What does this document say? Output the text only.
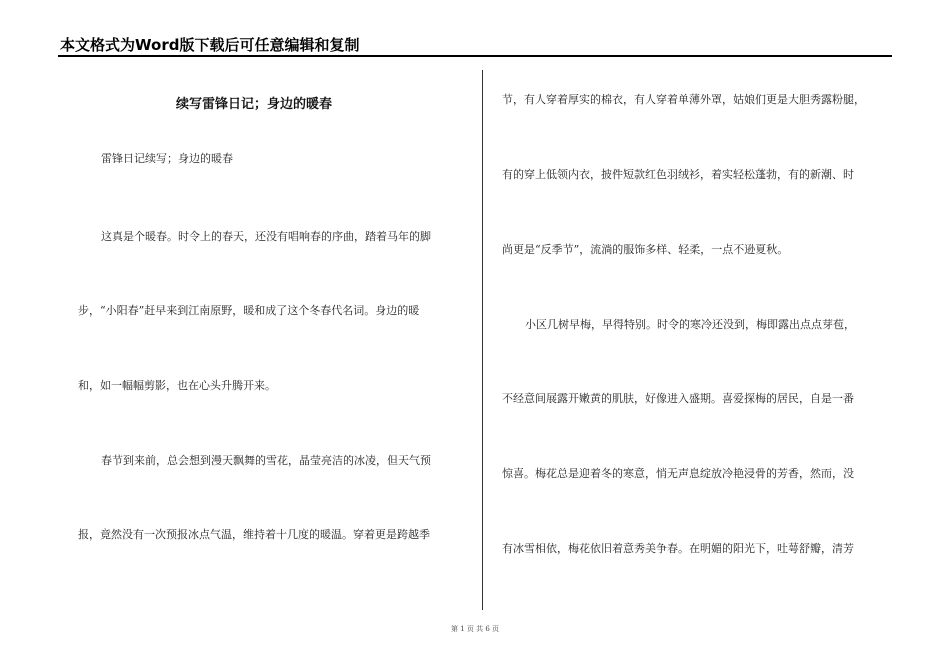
本文格式为Word版下载后可任意编辑和复制
续写雷锋日记；身边的暖春
雷锋日记续写；身边的暖春
这真是个暖春。时令上的春天，还没有唱响春的序曲，踏着马年的脚
步，“小阳春”赶早来到江南原野，暖和成了这个冬春代名词。身边的暖
和，如一幅幅剪影，也在心头升腾开来。
春节到来前，总会想到漫天飘舞的雪花，晶莹亮洁的冰凌，但天气预
报，竟然没有一次预报冰点气温，维持着十几度的暖温。穿着更是跨越季
节，有人穿着厚实的棉衣，有人穿着单薄外罩，姑娘们更是大胆秀露粉腿，
有的穿上低领内衣，披件短款红色羽绒衫，着实轻松蓬勃，有的新潮、时
尚更是“反季节”，流淌的服饰多样、轻柔，一点不逊夏秋。
小区几树早梅，早得特别。时令的寒冷还没到，梅即露出点点芽苞，
不经意间展露开嫩黄的肌肤，好像进入盛期。喜爱探梅的居民，自是一番
惊喜。梅花总是迎着冬的寒意，悄无声息绽放冷艳浸骨的芳香，然而，没
有冰雪相依，梅花依旧着意秀美争春。在明媚的阳光下，吐萼舒瓣，清芳
第 1 页 共 6 页
